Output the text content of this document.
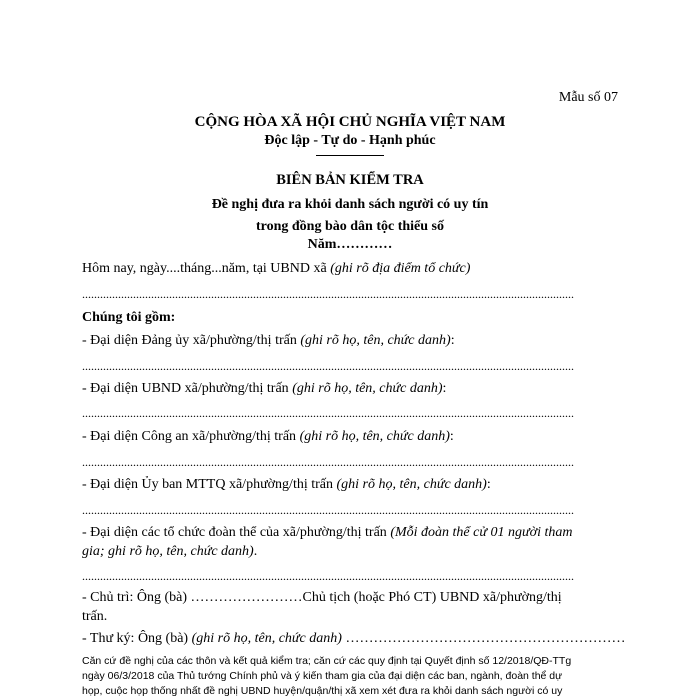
Mẫu số 07
CỘNG HÒA XÃ HỘI CHỦ NGHĨA VIỆT NAM
Độc lập - Tự do - Hạnh phúc
BIÊN BẢN KIỂM TRA
Đề nghị đưa ra khỏi danh sách người có uy tín
trong đồng bào dân tộc thiểu số
Năm…………
Hôm nay, ngày....tháng...năm, tại UBND xã (ghi rõ địa điểm tổ chức)
....................................................................................................................................................................
Chúng tôi gồm:
- Đại diện Đảng ủy xã/phường/thị trấn (ghi rõ họ, tên, chức danh):
....................................................................................................................................................................
- Đại diện UBND xã/phường/thị trấn (ghi rõ họ, tên, chức danh):
....................................................................................................................................................................
- Đại diện Công an xã/phường/thị trấn (ghi rõ họ, tên, chức danh):
....................................................................................................................................................................
- Đại diện Ủy ban MTTQ xã/phường/thị trấn (ghi rõ họ, tên, chức danh):
....................................................................................................................................................................
- Đại diện các tổ chức đoàn thể của xã/phường/thị trấn (Mỗi đoàn thể cử 01 người tham
gia; ghi rõ họ, tên, chức danh).
....................................................................................................................................................................
- Chủ trì: Ông (bà) ……………………Chủ tịch (hoặc Phó CT) UBND xã/phường/thị
trấn.
- Thư ký: Ông (bà) (ghi rõ họ, tên, chức danh) ……………………………………………………
Căn cứ đề nghị của các thôn và kết quả kiểm tra; căn cứ các quy định tại Quyết định số 12/2018/QĐ-TTg
ngày 06/3/2018 của Thủ tướng Chính phủ và ý kiến tham gia của đại diện các ban, ngành, đoàn thể dự
họp, cuộc họp thống nhất đề nghị UBND huyện/quận/thị xã xem xét đưa ra khỏi danh sách người có uy
